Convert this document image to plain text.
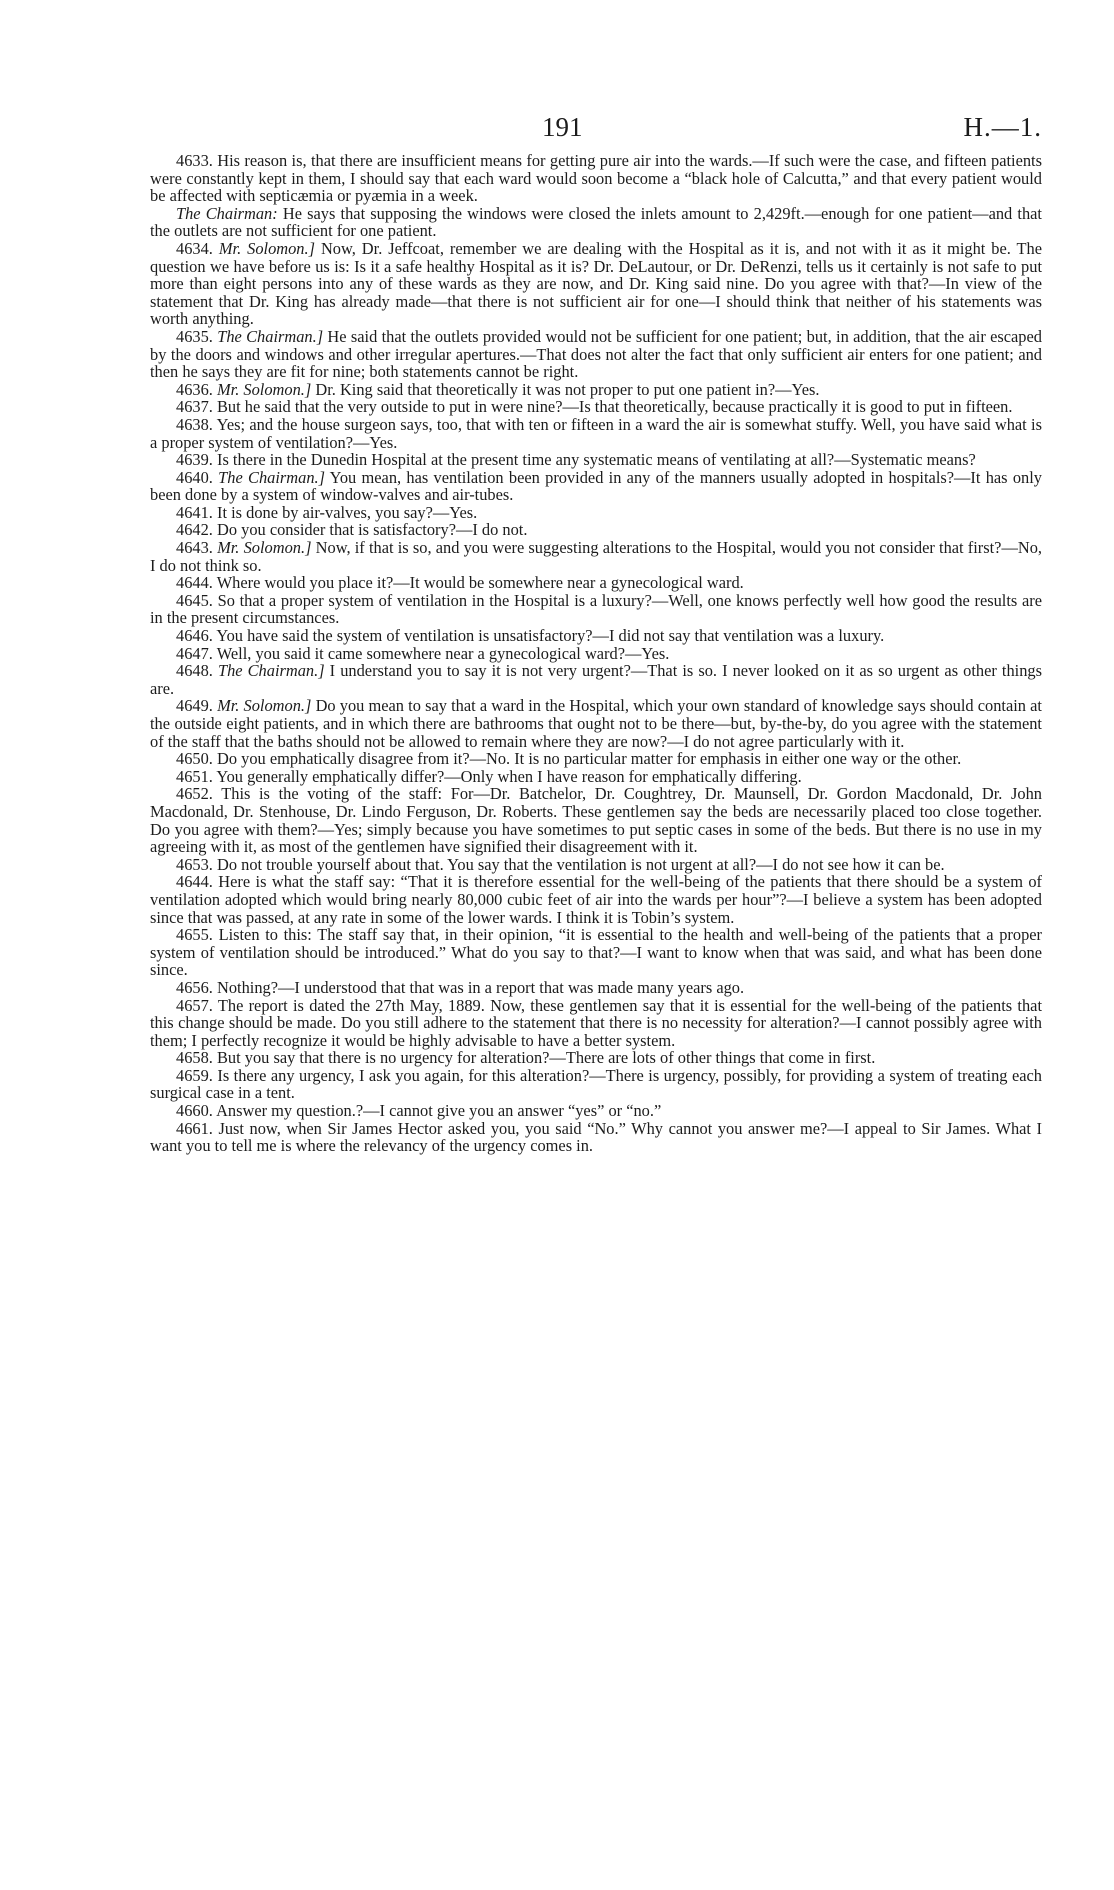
191	H.—1.

4633. His reason is, that there are insufficient means for getting pure air into the wards.—If such were the case, and fifteen patients were constantly kept in them, I should say that each ward would soon become a “black hole of Calcutta,” and that every patient would be affected with septicæmia or pyæmia in a week.

The Chairman: He says that supposing the windows were closed the inlets amount to 2,429ft.—enough for one patient—and that the outlets are not sufficient for one patient.

4634. Mr. Solomon.] Now, Dr. Jeffcoat, remember we are dealing with the Hospital as it is, and not with it as it might be. The question we have before us is: Is it a safe healthy Hospital as it is? Dr. DeLautour, or Dr. DeRenzi, tells us it certainly is not safe to put more than eight persons into any of these wards as they are now, and Dr. King said nine. Do you agree with that?—In view of the statement that Dr. King has already made—that there is not sufficient air for one—I should think that neither of his statements was worth anything.

4635. The Chairman.] He said that the outlets provided would not be sufficient for one patient; but, in addition, that the air escaped by the doors and windows and other irregular apertures.—That does not alter the fact that only sufficient air enters for one patient; and then he says they are fit for nine; both statements cannot be right.

4636. Mr. Solomon.] Dr. King said that theoretically it was not proper to put one patient in?—Yes.

4637. But he said that the very outside to put in were nine?—Is that theoretically, because practically it is good to put in fifteen.

4638. Yes; and the house surgeon says, too, that with ten or fifteen in a ward the air is somewhat stuffy. Well, you have said what is a proper system of ventilation?—Yes.

4639. Is there in the Dunedin Hospital at the present time any systematic means of ventilating at all?—Systematic means?

4640. The Chairman.] You mean, has ventilation been provided in any of the manners usually adopted in hospitals?—It has only been done by a system of window-valves and air-tubes.

4641. It is done by air-valves, you say?—Yes.

4642. Do you consider that is satisfactory?—I do not.

4643. Mr. Solomon.] Now, if that is so, and you were suggesting alterations to the Hospital, would you not consider that first?—No, I do not think so.

4644. Where would you place it?—It would be somewhere near a gynecological ward.

4645. So that a proper system of ventilation in the Hospital is a luxury?—Well, one knows perfectly well how good the results are in the present circumstances.

4646. You have said the system of ventilation is unsatisfactory?—I did not say that ventilation was a luxury.

4647. Well, you said it came somewhere near a gynecological ward?—Yes.

4648. The Chairman.] I understand you to say it is not very urgent?—That is so. I never looked on it as so urgent as other things are.

4649. Mr. Solomon.] Do you mean to say that a ward in the Hospital, which your own standard of knowledge says should contain at the outside eight patients, and in which there are bathrooms that ought not to be there—but, by-the-by, do you agree with the statement of the staff that the baths should not be allowed to remain where they are now?—I do not agree particularly with it.

4650. Do you emphatically disagree from it?—No. It is no particular matter for emphasis in either one way or the other.

4651. You generally emphatically differ?—Only when I have reason for emphatically differing.

4652. This is the voting of the staff: For—Dr. Batchelor, Dr. Coughtrey, Dr. Maunsell, Dr. Gordon Macdonald, Dr. John Macdonald, Dr. Stenhouse, Dr. Lindo Ferguson, Dr. Roberts. These gentlemen say the beds are necessarily placed too close together. Do you agree with them?—Yes; simply because you have sometimes to put septic cases in some of the beds. But there is no use in my agreeing with it, as most of the gentlemen have signified their disagreement with it.

4653. Do not trouble yourself about that. You say that the ventilation is not urgent at all?—I do not see how it can be.

4644. Here is what the staff say: “That it is therefore essential for the well-being of the patients that there should be a system of ventilation adopted which would bring nearly 80,000 cubic feet of air into the wards per hour”?—I believe a system has been adopted since that was passed, at any rate in some of the lower wards. I think it is Tobin’s system.

4655. Listen to this: The staff say that, in their opinion, “it is essential to the health and well-being of the patients that a proper system of ventilation should be introduced.” What do you say to that?—I want to know when that was said, and what has been done since.

4656. Nothing?—I understood that that was in a report that was made many years ago.

4657. The report is dated the 27th May, 1889. Now, these gentlemen say that it is essential for the well-being of the patients that this change should be made. Do you still adhere to the statement that there is no necessity for alteration?—I cannot possibly agree with them; I perfectly recognize it would be highly advisable to have a better system.

4658. But you say that there is no urgency for alteration?—There are lots of other things that come in first.

4659. Is there any urgency, I ask you again, for this alteration?—There is urgency, possibly, for providing a system of treating each surgical case in a tent.

4660. Answer my question.?—I cannot give you an answer “yes” or “no.”

4661. Just now, when Sir James Hector asked you, you said “No.” Why cannot you answer me?—I appeal to Sir James. What I want you to tell me is where the relevancy of the urgency comes in.
